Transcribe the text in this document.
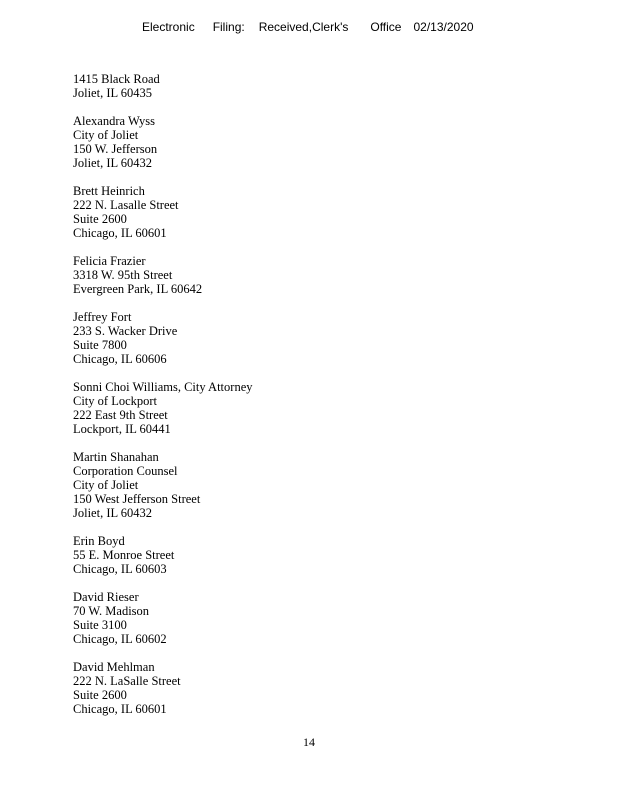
Electronic Filing: Received,Clerk's Office 02/13/2020
1415 Black Road
Joliet, IL 60435
Alexandra Wyss
City of Joliet
150 W. Jefferson
Joliet, IL 60432
Brett Heinrich
222 N. Lasalle Street
Suite 2600
Chicago, IL 60601
Felicia Frazier
3318 W. 95th Street
Evergreen Park, IL 60642
Jeffrey Fort
233 S. Wacker Drive
Suite 7800
Chicago, IL 60606
Sonni Choi Williams, City Attorney
City of Lockport
222 East 9th Street
Lockport, IL 60441
Martin Shanahan
Corporation Counsel
City of Joliet
150 West Jefferson Street
Joliet, IL 60432
Erin Boyd
55 E. Monroe Street
Chicago, IL 60603
David Rieser
70 W. Madison
Suite 3100
Chicago, IL 60602
David Mehlman
222 N. LaSalle Street
Suite 2600
Chicago, IL 60601
14
